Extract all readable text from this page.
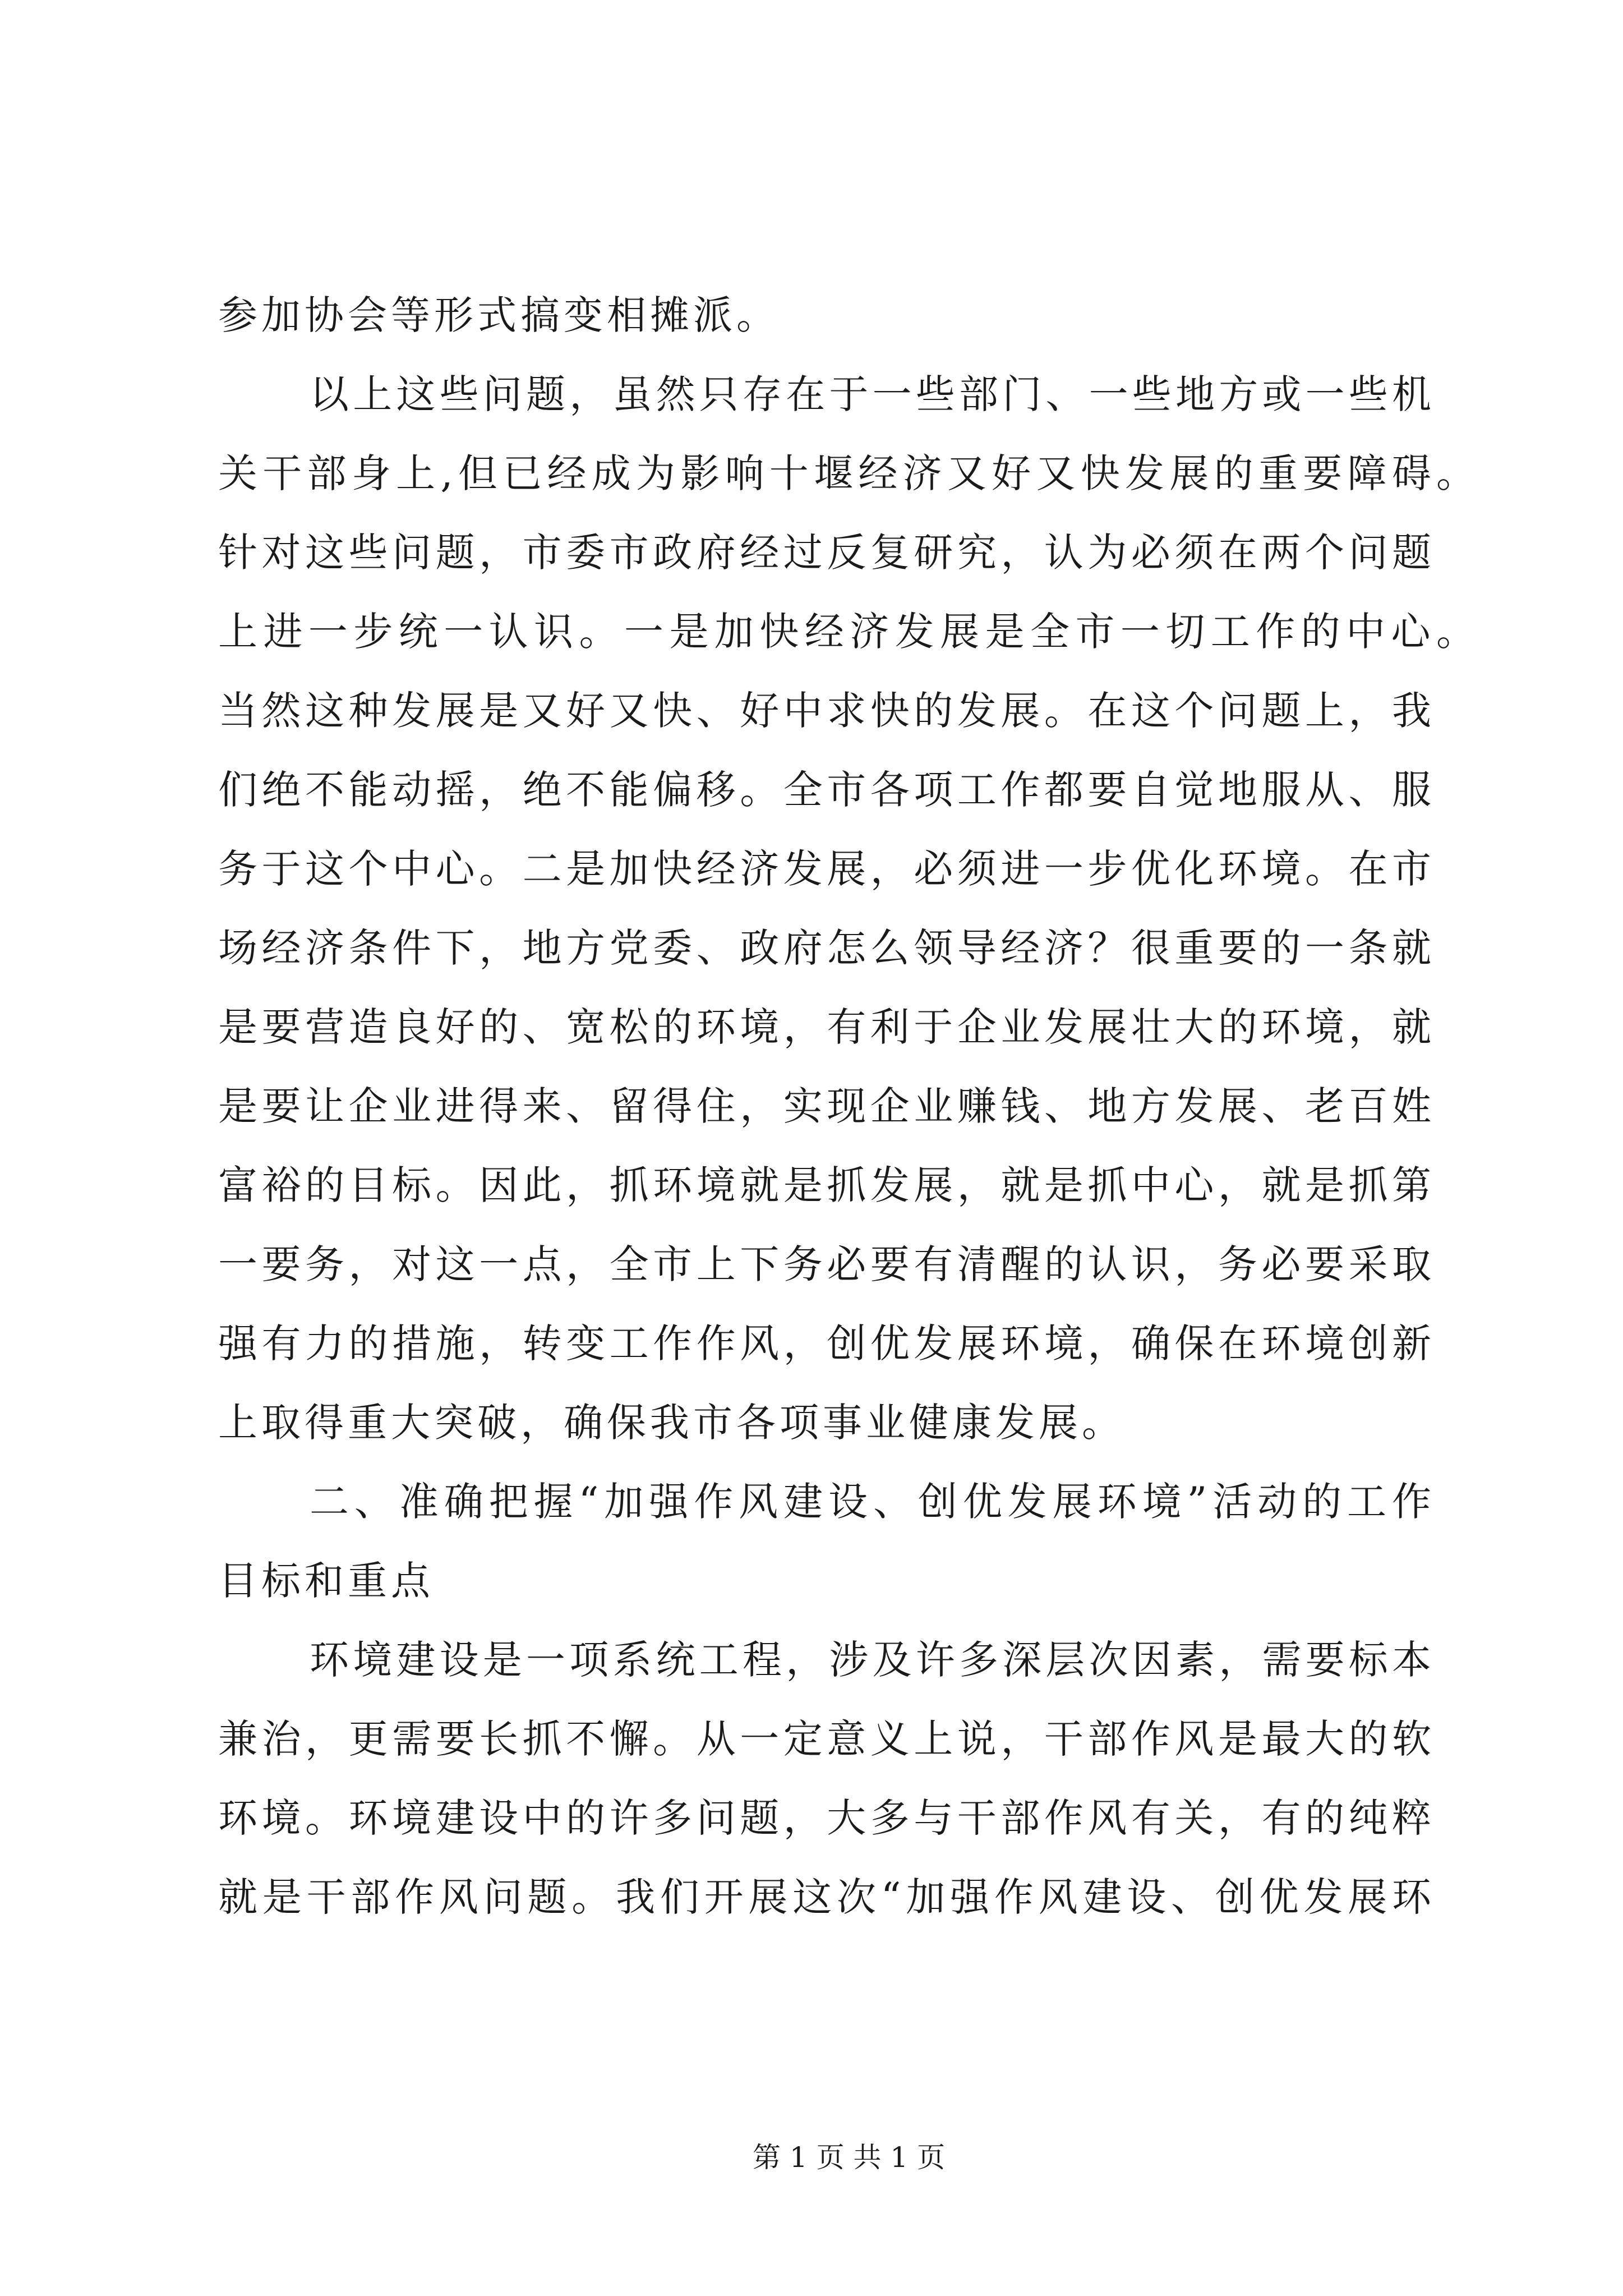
参加协会等形式搞变相摊派。
以上这些问题，虽然只存在于一些部门、一些地方或一些机
关干部身上,但已经成为影响十堰经济又好又快发展的重要障碍。
针对这些问题，市委市政府经过反复研究，认为必须在两个问题
上进一步统一认识。一是加快经济发展是全市一切工作的中心。
当然这种发展是又好又快、好中求快的发展。在这个问题上，我
们绝不能动摇，绝不能偏移。全市各项工作都要自觉地服从、服
务于这个中心。二是加快经济发展，必须进一步优化环境。在市
场经济条件下，地方党委、政府怎么领导经济？很重要的一条就
是要营造良好的、宽松的环境，有利于企业发展壮大的环境，就
是要让企业进得来、留得住，实现企业赚钱、地方发展、老百姓
富裕的目标。因此，抓环境就是抓发展，就是抓中心，就是抓第
一要务，对这一点，全市上下务必要有清醒的认识，务必要采取
强有力的措施，转变工作作风，创优发展环境，确保在环境创新
上取得重大突破，确保我市各项事业健康发展。
二、准确把握“加强作风建设、创优发展环境”活动的工作
目标和重点
环境建设是一项系统工程，涉及许多深层次因素，需要标本
兼治，更需要长抓不懈。从一定意义上说，干部作风是最大的软
环境。环境建设中的许多问题，大多与干部作风有关，有的纯粹
就是干部作风问题。我们开展这次“加强作风建设、创优发展环
第 1 页 共 1 页
